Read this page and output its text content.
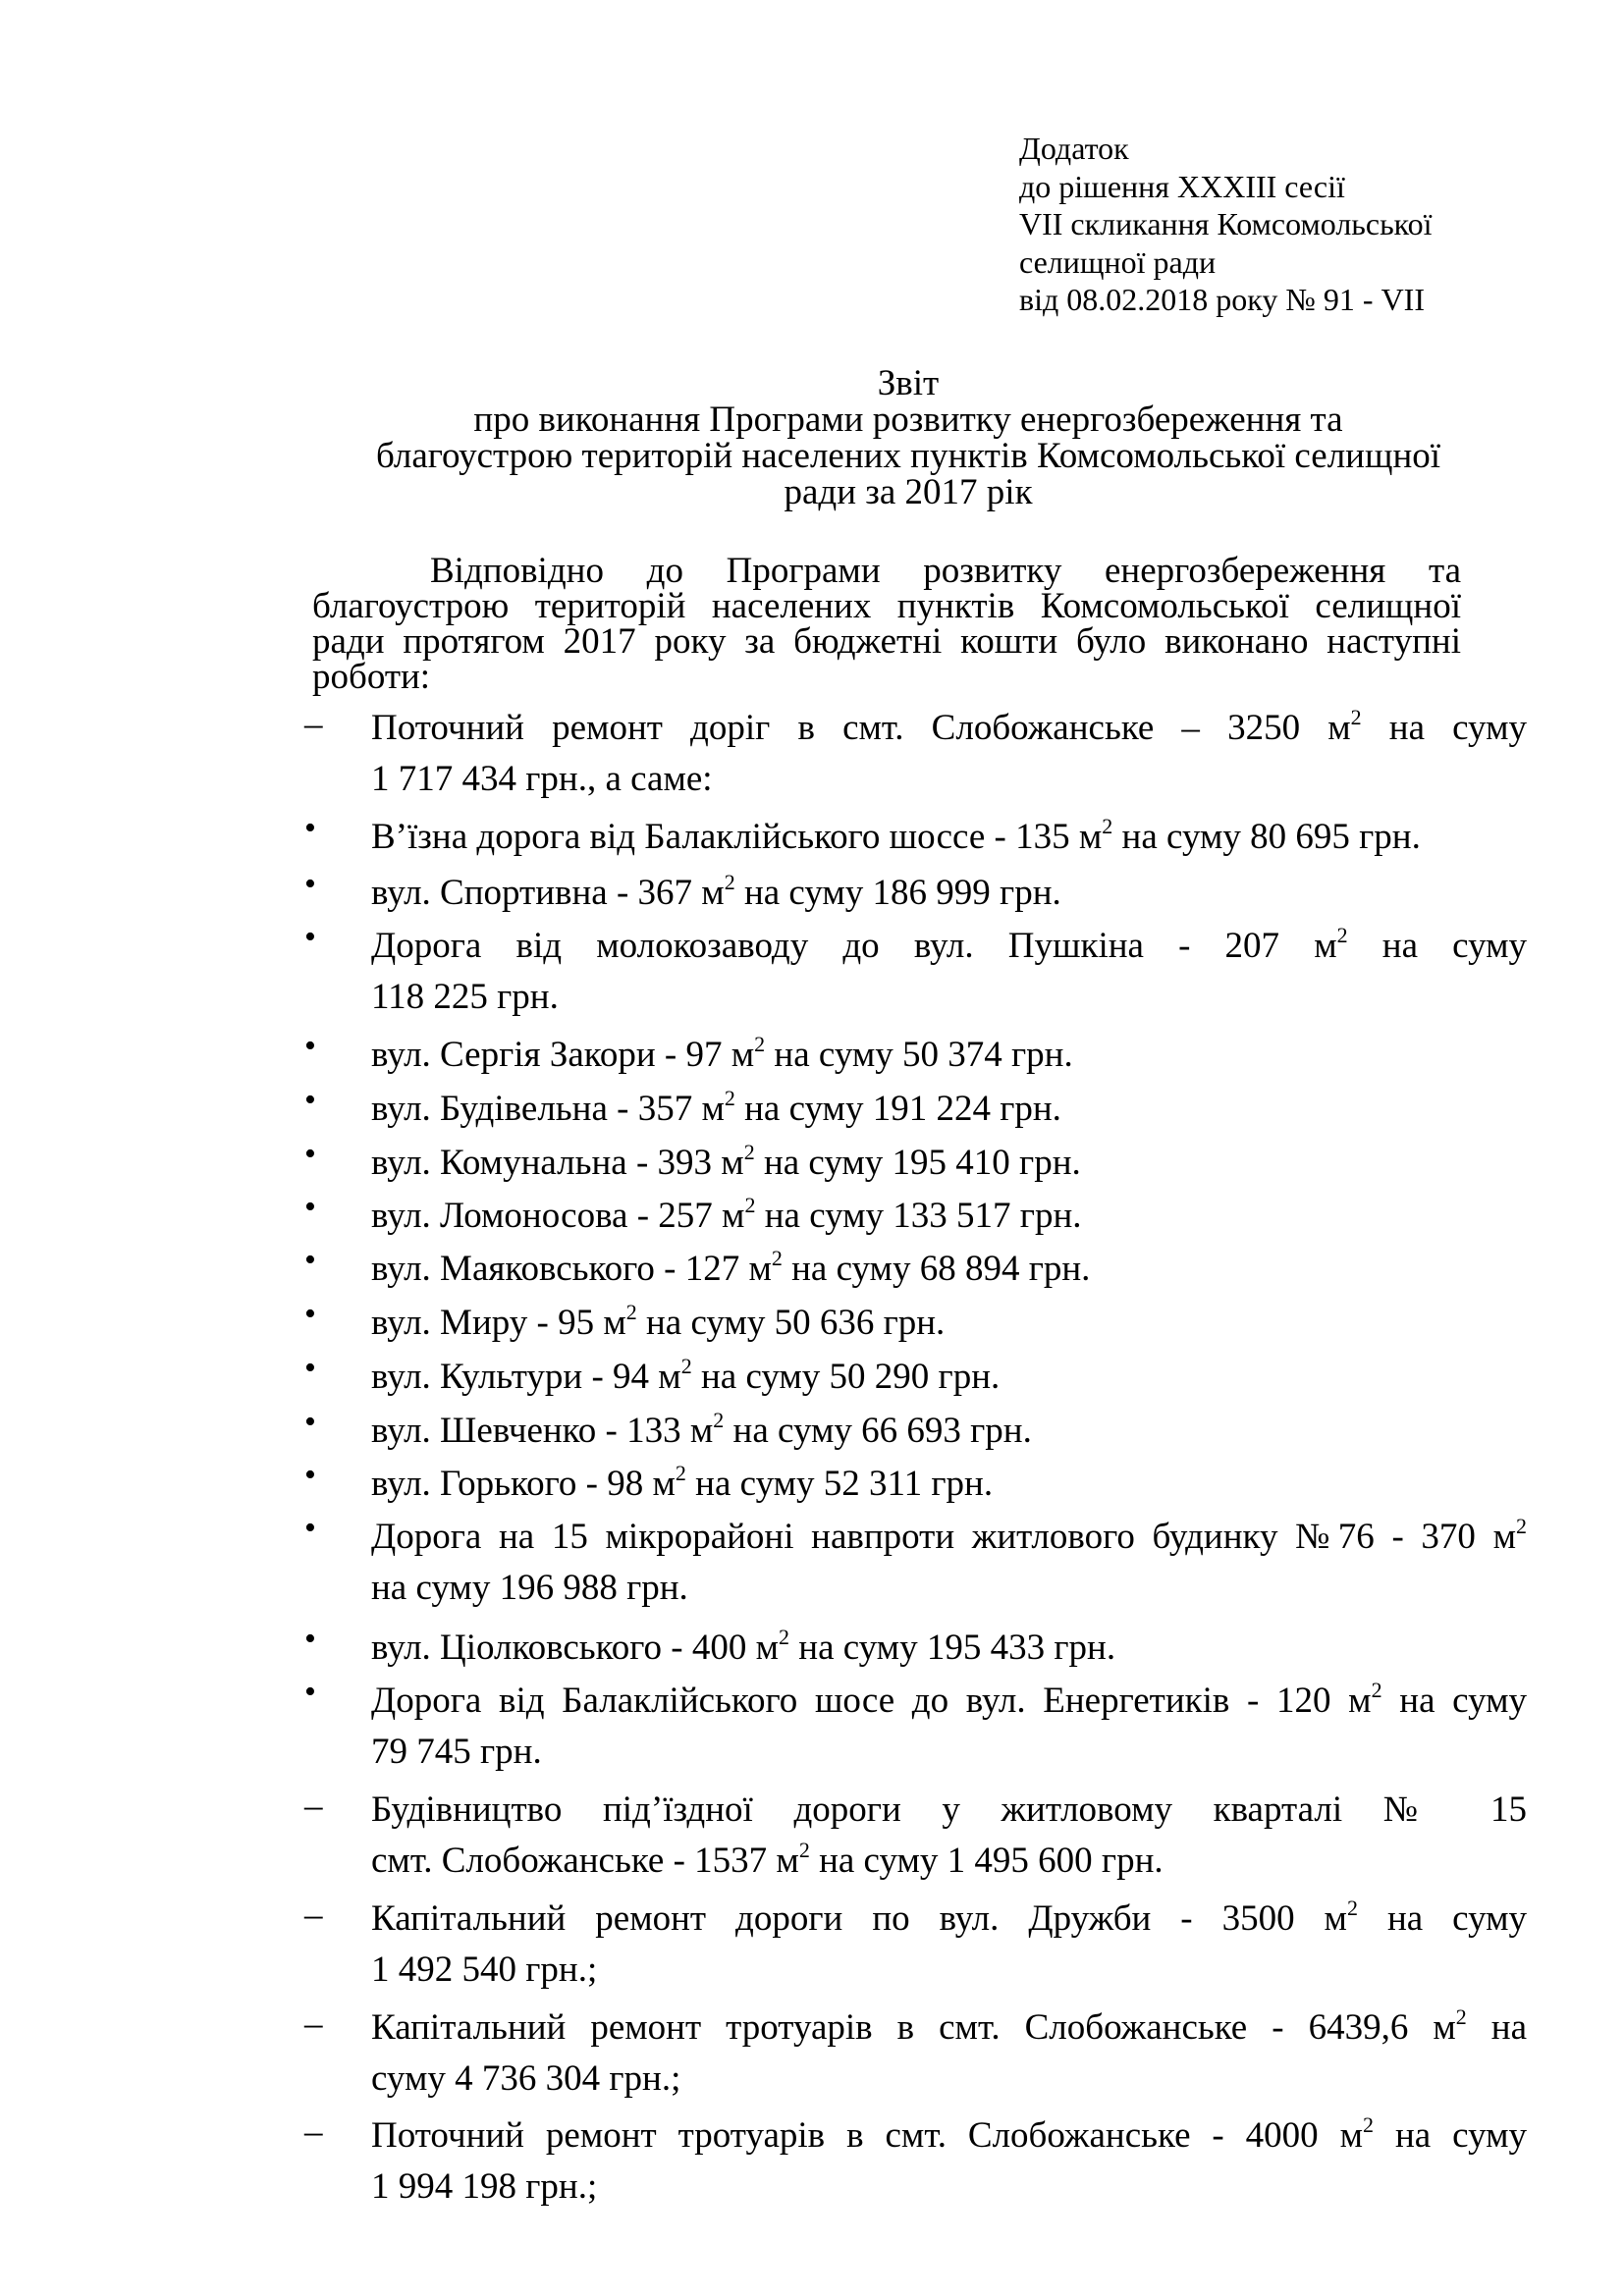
Додаток
до рішення XXXIII сесії
VII скликання Комсомольської
селищної ради
від 08.02.2018 року № 91 - VII
Звіт
про виконання Програми розвитку енергозбереження та
благоустрою територій населених пунктів Комсомольської селищної
ради за 2017 рік
Відповідно до Програми розвитку енергозбереження та
благоустрою територій населених пунктів Комсомольської селищної
ради протягом 2017 року за бюджетні кошти було виконано наступні
роботи:
–	Поточний ремонт доріг в смт. Слобожанське – 3250 $м^2$ на суму
1 717 434 грн., а саме:
•	В’їзна дорога від Балаклійського шоссе - 135 $м^2$ на суму 80 695 грн.
•	вул. Спортивна - 367 $м^2$ на суму 186 999 грн.
•	Дорога від молокозаводу до вул. Пушкіна - 207 $м^2$ на суму
118 225 грн.
•	вул. Сергія Закори - 97 $м^2$ на суму 50 374 грн.
•	вул. Будівельна - 357 $м^2$ на суму 191 224 грн.
•	вул. Комунальна - 393 $м^2$ на суму 195 410 грн.
•	вул. Ломоносова - 257 $м^2$ на суму 133 517 грн.
•	вул. Маяковського - 127 $м^2$ на суму 68 894 грн.
•	вул. Миру - 95 $м^2$ на суму 50 636 грн.
•	вул. Культури - 94 $м^2$ на суму 50 290 грн.
•	вул. Шевченко - 133 $м^2$ на суму 66 693 грн.
•	вул. Горького - 98 $м^2$ на суму 52 311 грн.
•	Дорога на 15 мікрорайоні навпроти житлового будинку №76 - 370 $м^2$
на суму 196 988 грн.
•	вул. Ціолковського - 400 $м^2$ на суму 195 433 грн.
•	Дорога від Балаклійського шосе до вул. Енергетиків - 120 $м^2$ на суму
79 745 грн.
–	Будівництво під’їздної дороги у житловому кварталі № 15
смт. Слобожанське - 1537 $м^2$ на суму 1 495 600 грн.
–	Капітальний ремонт дороги по вул. Дружби - 3500 $м^2$ на суму
1 492 540 грн.;
–	Капітальний ремонт тротуарів в смт. Слобожанське - 6439,6 $м^2$ на
суму 4 736 304 грн.;
–	Поточний ремонт тротуарів в смт. Слобожанське - 4000 $м^2$ на суму
1 994 198 грн.;
